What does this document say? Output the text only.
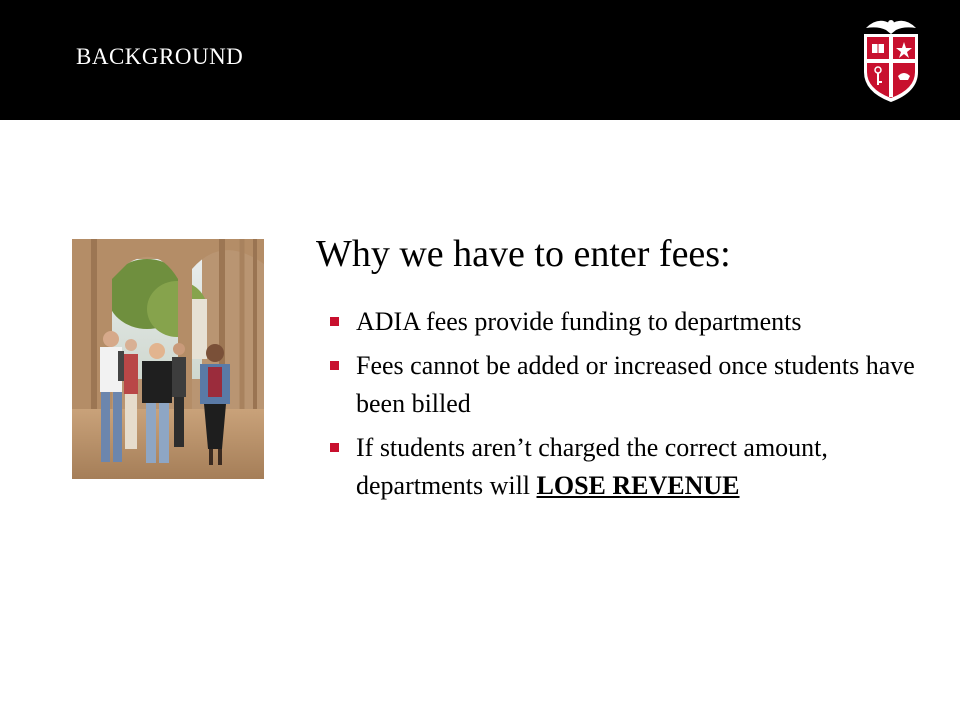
BACKGROUND
Why we have to enter fees:
ADIA fees provide funding to departments
Fees cannot be added or increased once students have been billed
If students aren’t charged the correct amount, departments will LOSE REVENUE
